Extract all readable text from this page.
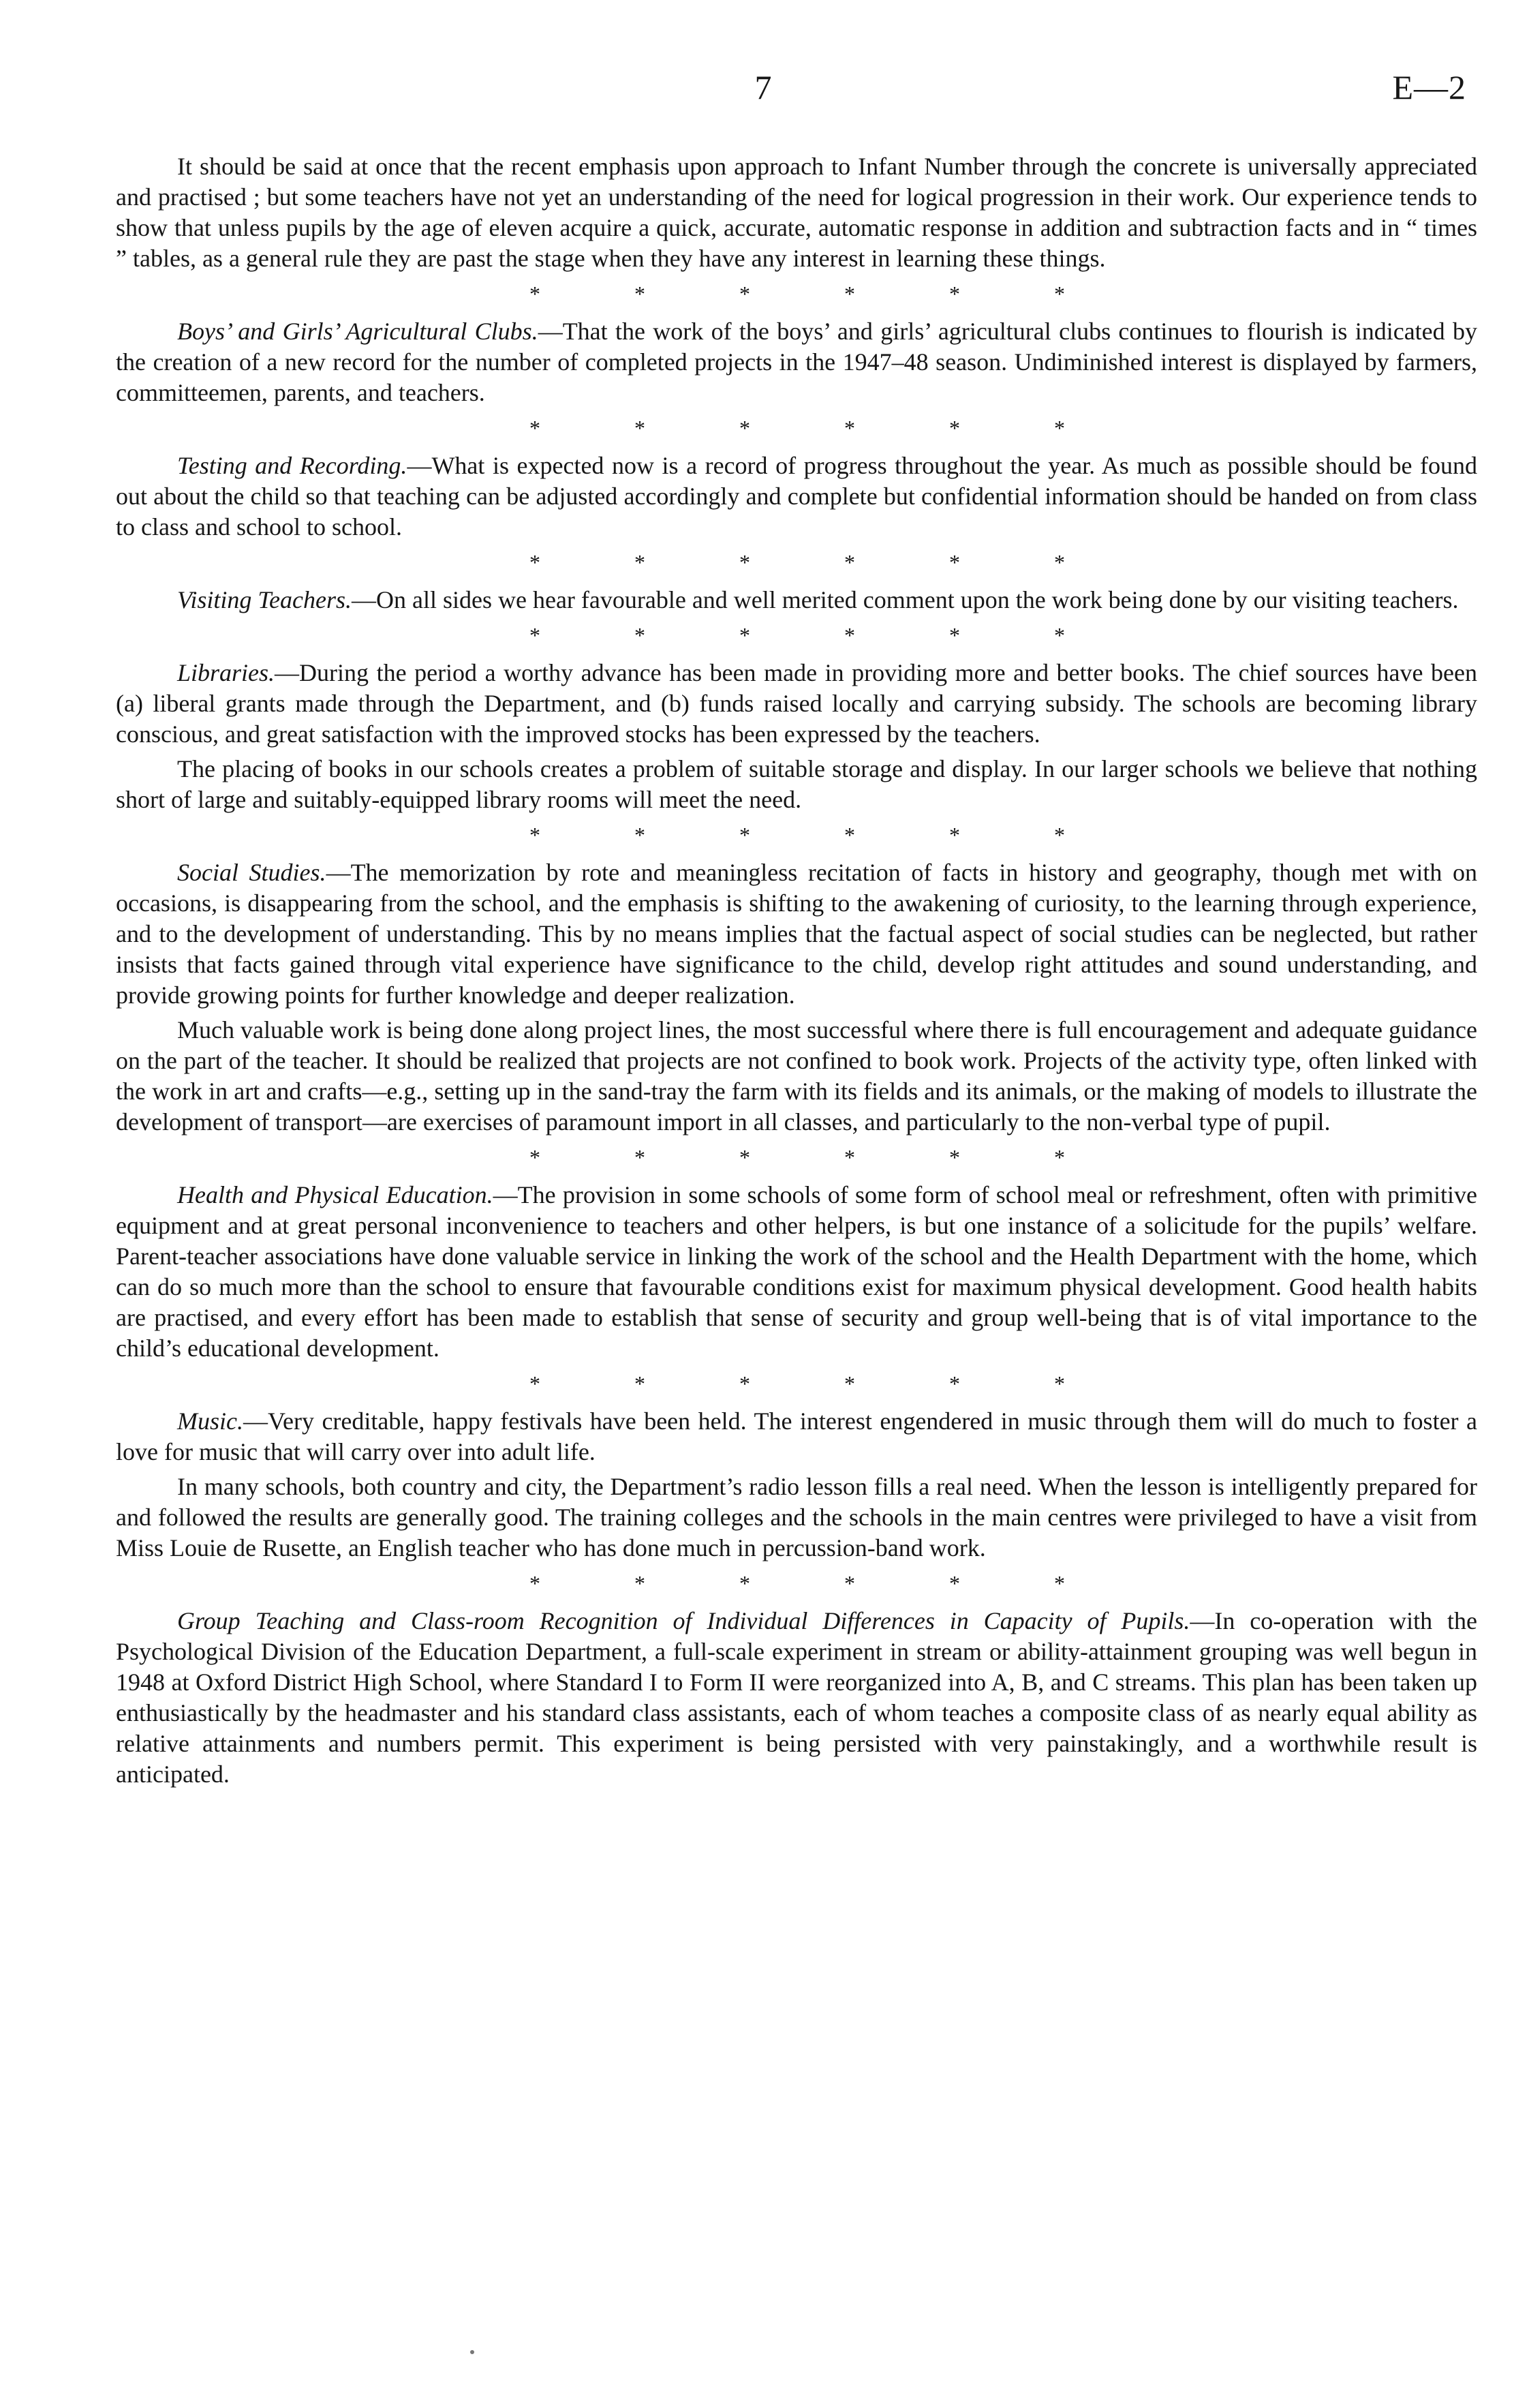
7	E—2

It should be said at once that the recent emphasis upon approach to Infant Number through the concrete is universally appreciated and practised ; but some teachers have not yet an understanding of the need for logical progression in their work. Our experience tends to show that unless pupils by the age of eleven acquire a quick, accurate, automatic response in addition and subtraction facts and in “ times ” tables, as a general rule they are past the stage when they have any interest in learning these things.

*	*	*	*	*	*

Boys’ and Girls’ Agricultural Clubs.—That the work of the boys’ and girls’ agricultural clubs continues to flourish is indicated by the creation of a new record for the number of completed projects in the 1947–48 season. Undiminished interest is displayed by farmers, committeemen, parents, and teachers.

*	*	*	*	*	*

Testing and Recording.—What is expected now is a record of progress throughout the year. As much as possible should be found out about the child so that teaching can be adjusted accordingly and complete but confidential information should be handed on from class to class and school to school.

*	*	*	*	*	*

Visiting Teachers.—On all sides we hear favourable and well merited comment upon the work being done by our visiting teachers.

*	*	*	*	*	*

Libraries.—During the period a worthy advance has been made in providing more and better books. The chief sources have been (a) liberal grants made through the Department, and (b) funds raised locally and carrying subsidy. The schools are becoming library conscious, and great satisfaction with the improved stocks has been expressed by the teachers.

The placing of books in our schools creates a problem of suitable storage and display. In our larger schools we believe that nothing short of large and suitably-equipped library rooms will meet the need.

*	*	*	*	*	*

Social Studies.—The memorization by rote and meaningless recitation of facts in history and geography, though met with on occasions, is disappearing from the school, and the emphasis is shifting to the awakening of curiosity, to the learning through experience, and to the development of understanding. This by no means implies that the factual aspect of social studies can be neglected, but rather insists that facts gained through vital experience have significance to the child, develop right attitudes and sound understanding, and provide growing points for further knowledge and deeper realization.

Much valuable work is being done along project lines, the most successful where there is full encouragement and adequate guidance on the part of the teacher. It should be realized that projects are not confined to book work. Projects of the activity type, often linked with the work in art and crafts—e.g., setting up in the sand-tray the farm with its fields and its animals, or the making of models to illustrate the development of transport—are exercises of paramount import in all classes, and particularly to the non-verbal type of pupil.

*	*	*	*	*	*

Health and Physical Education.—The provision in some schools of some form of school meal or refreshment, often with primitive equipment and at great personal inconvenience to teachers and other helpers, is but one instance of a solicitude for the pupils’ welfare. Parent-teacher associations have done valuable service in linking the work of the school and the Health Department with the home, which can do so much more than the school to ensure that favourable conditions exist for maximum physical development. Good health habits are practised, and every effort has been made to establish that sense of security and group well-being that is of vital importance to the child’s educational development.

*	*	*	*	*	*

Music.—Very creditable, happy festivals have been held. The interest engendered in music through them will do much to foster a love for music that will carry over into adult life.

In many schools, both country and city, the Department’s radio lesson fills a real need. When the lesson is intelligently prepared for and followed the results are generally good. The training colleges and the schools in the main centres were privileged to have a visit from Miss Louie de Rusette, an English teacher who has done much in percussion-band work.

*	*	*	*	*	*

Group Teaching and Class-room Recognition of Individual Differences in Capacity of Pupils.—In co-operation with the Psychological Division of the Education Department, a full-scale experiment in stream or ability-attainment grouping was well begun in 1948 at Oxford District High School, where Standard I to Form II were reorganized into A, B, and C streams. This plan has been taken up enthusiastically by the headmaster and his standard class assistants, each of whom teaches a composite class of as nearly equal ability as relative attainments and numbers permit. This experiment is being persisted with very painstakingly, and a worthwhile result is anticipated.
